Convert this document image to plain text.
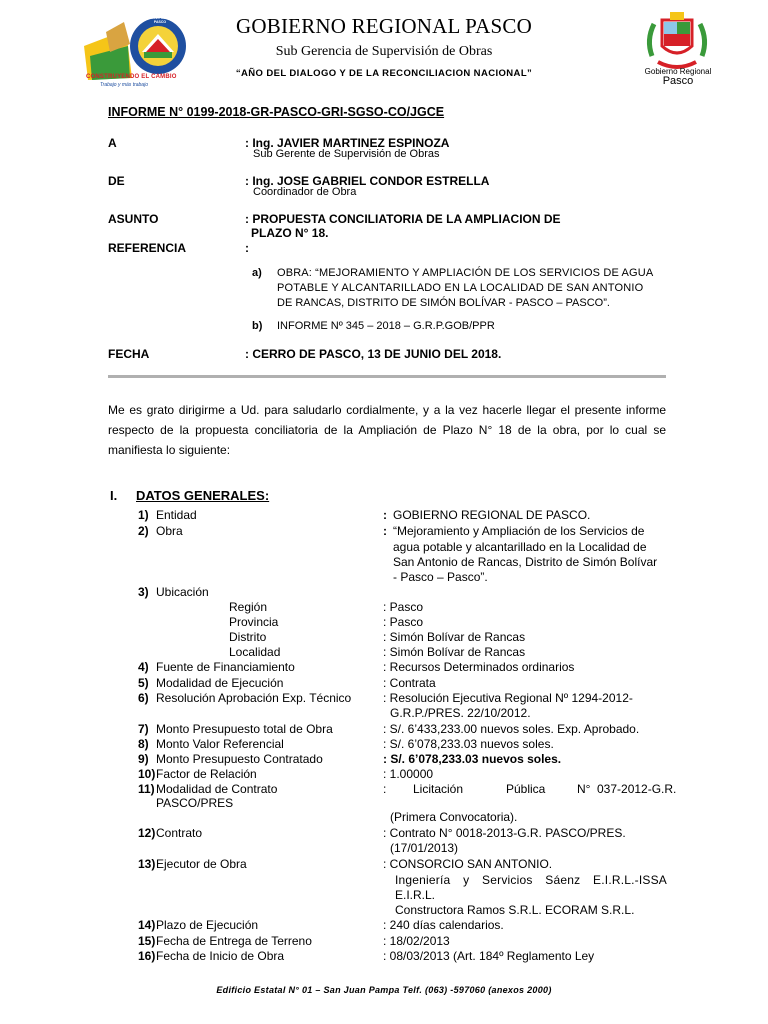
GOBIERNO REGIONAL PASCO
CONSTRUYENDO EL CAMBIO
Trabajo y más trabajo
GOBIERNO REGIONAL PASCO
Sub Gerencia de Supervisión de Obras
“AÑO DEL DIALOGO Y DE LA RECONCILIACION NACIONAL”	Gobierno Regional
Pasco
INFORME N° 0199-2018-GR-PASCO-GRI-SGSO-CO/JGCE
A	: Ing. JAVIER MARTINEZ ESPINOZA
Sub Gerente de Supervisión de Obras
DE	: Ing. JOSE GABRIEL CONDOR ESTRELLA
Coordinador de Obra
ASUNTO	: PROPUESTA CONCILIATORIA DE LA AMPLIACION DE
PLAZO N° 18.
REFERENCIA	:
a) OBRA: “MEJORAMIENTO Y AMPLIACIÓN DE LOS SERVICIOS DE AGUA
POTABLE Y ALCANTARILLADO EN LA LOCALIDAD DE SAN ANTONIO
DE RANCAS, DISTRITO DE SIMÓN BOLÍVAR - PASCO – PASCO”.
b) INFORME Nº 345 – 2018 – G.R.P.GOB/PPR
FECHA	: CERRO DE PASCO, 13 DE JUNIO DEL 2018.
Me es grato dirigirme a Ud. para saludarlo cordialmente, y a la vez hacerle llegar el presente informe
respecto de la propuesta conciliatoria de la Ampliación de Plazo N° 18 de la obra, por lo cual se
manifiesta lo siguiente:
I. DATOS GENERALES:
1) Entidad	: GOBIERNO REGIONAL DE PASCO.
2) Obra	: “Mejoramiento y Ampliación de los Servicios de
agua potable y alcantarillado en la Localidad de
San Antonio de Rancas, Distrito de Simón Bolívar
- Pasco – Pasco”.
3) Ubicación
Región	: Pasco
Provincia	: Pasco
Distrito	: Simón Bolívar de Rancas
Localidad	: Simón Bolívar de Rancas
4) Fuente de Financiamiento	: Recursos Determinados ordinarios
5) Modalidad de Ejecución	: Contrata
6) Resolución Aprobación Exp. Técnico	: Resolución Ejecutiva Regional Nº 1294-2012-
G.R.P./PRES. 22/10/2012.
7) Monto Presupuesto total de Obra	: S/. 6’433,233.00 nuevos soles. Exp. Aprobado.
8) Monto Valor Referencial	: S/. 6’078,233.03 nuevos soles.
9) Monto Presupuesto Contratado	: S/. 6’078,233.03 nuevos soles.
10) Factor de Relación	: 1.00000
11) Modalidad de Contrato
PASCO/PRES
: Licitación	Pública	N° 037-2012-G.R.
(Primera Convocatoria).
12) Contrato	: Contrato N° 0018-2013-G.R. PASCO/PRES.
(17/01/2013)
13) Ejecutor de Obra	: CONSORCIO SAN ANTONIO.
Ingeniería y Servicios Sáenz E.I.R.L.-ISSA
E.I.R.L.
Constructora Ramos S.R.L. ECORAM S.R.L.
14) Plazo de Ejecución	: 240 días calendarios.
15) Fecha de Entrega de Terreno	: 18/02/2013
16) Fecha de Inicio de Obra	: 08/03/2013 (Art. 184º Reglamento Ley
Edificio Estatal N° 01 – San Juan Pampa Telf. (063) -597060 (anexos 2000)
